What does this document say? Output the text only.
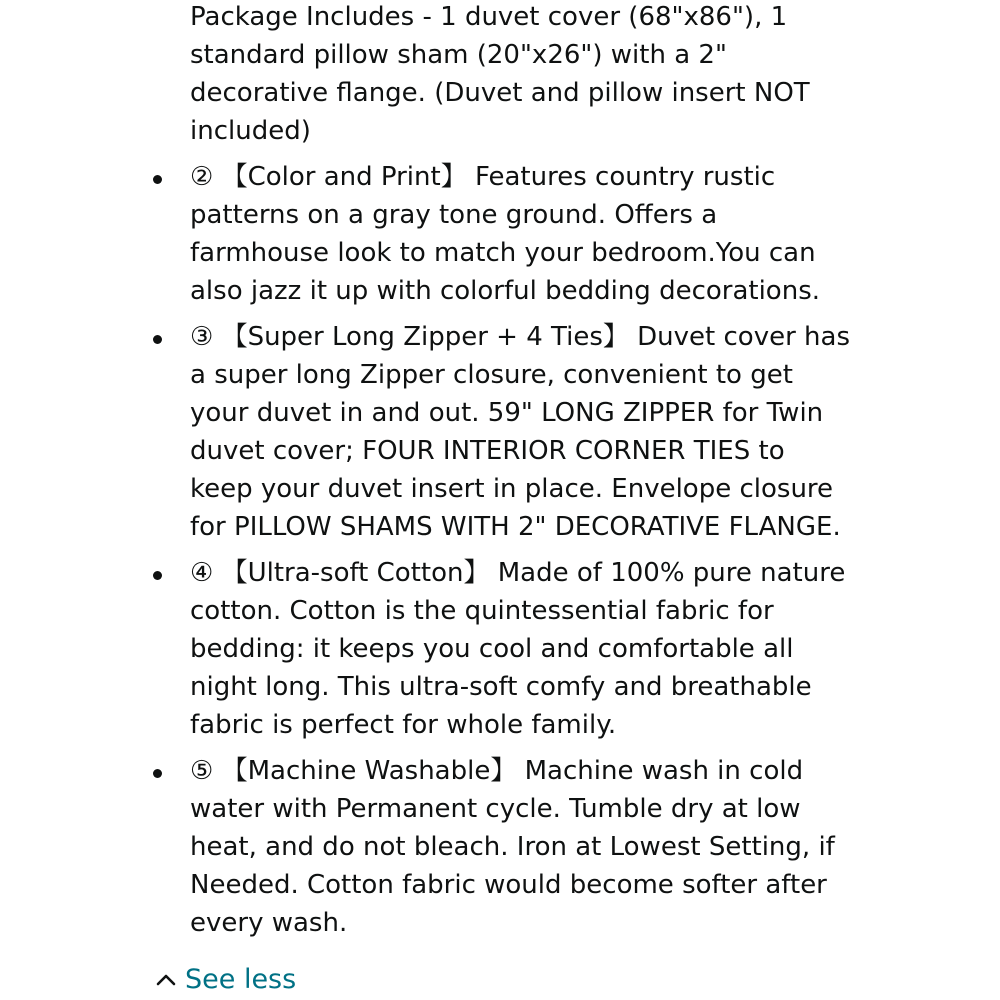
Package Includes - 1 duvet cover (68"x86"), 1 standard pillow sham (20"x26") with a 2" decorative flange. (Duvet and pillow insert NOT included)
② 【Color and Print】 Features country rustic patterns on a gray tone ground. Offers a farmhouse look to match your bedroom.You can also jazz it up with colorful bedding decorations.
③ 【Super Long Zipper + 4 Ties】 Duvet cover has a super long Zipper closure, convenient to get your duvet in and out. 59" LONG ZIPPER for Twin duvet cover; FOUR INTERIOR CORNER TIES to keep your duvet insert in place. Envelope closure for PILLOW SHAMS WITH 2" DECORATIVE FLANGE.
④ 【Ultra-soft Cotton】 Made of 100% pure nature cotton. Cotton is the quintessential fabric for bedding: it keeps you cool and comfortable all night long. This ultra-soft comfy and breathable fabric is perfect for whole family.
⑤ 【Machine Washable】 Machine wash in cold water with Permanent cycle. Tumble dry at low heat, and do not bleach. Iron at Lowest Setting, if Needed. Cotton fabric would become softer after every wash.
See less
